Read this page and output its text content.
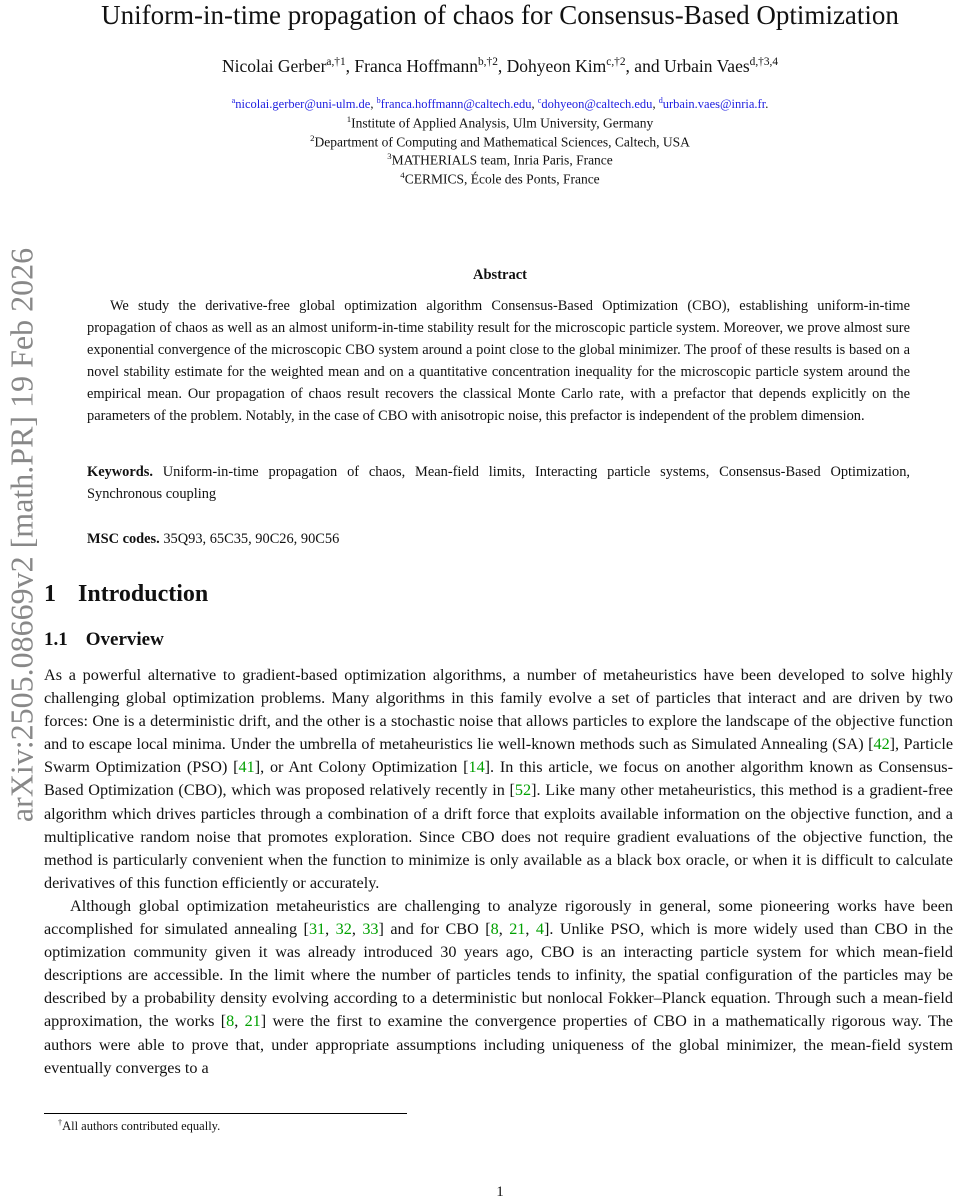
arXiv:2505.08669v2 [math.PR] 19 Feb 2026
Uniform-in-time propagation of chaos for Consensus-Based Optimization
Nicolai Gerber$^{a,\dagger 1}$, Franca Hoffmann$^{b,\dagger 2}$, Dohyeon Kim$^{c,\dagger 2}$, and Urbain Vaes$^{d,\dagger 3,4}$
$^a$nicolai.gerber@uni-ulm.de, $^b$franca.hoffmann@caltech.edu, $^c$dohyeon@caltech.edu, $^d$urbain.vaes@inria.fr.
$^1$Institute of Applied Analysis, Ulm University, Germany
$^2$Department of Computing and Mathematical Sciences, Caltech, USA
$^3$MATHERIALS team, Inria Paris, France
$^4$CERMICS, École des Ponts, France
Abstract
We study the derivative-free global optimization algorithm Consensus-Based Optimization (CBO), establishing uniform-in-time propagation of chaos as well as an almost uniform-in-time stability result for the microscopic particle system. Moreover, we prove almost sure exponential convergence of the microscopic CBO system around a point close to the global minimizer. The proof of these results is based on a novel stability estimate for the weighted mean and on a quantitative concentration inequality for the microscopic particle system around the empirical mean. Our propagation of chaos result recovers the classical Monte Carlo rate, with a prefactor that depends explicitly on the parameters of the problem. Notably, in the case of CBO with anisotropic noise, this prefactor is independent of the problem dimension.
Keywords. Uniform-in-time propagation of chaos, Mean-field limits, Interacting particle systems, Consensus-Based Optimization, Synchronous coupling
MSC codes. 35Q93, 65C35, 90C26, 90C56
1 Introduction
1.1 Overview

As a powerful alternative to gradient-based optimization algorithms, a number of metaheuristics have been developed to solve highly challenging global optimization problems. Many algorithms in this family evolve a set of particles that interact and are driven by two forces: One is a deterministic drift, and the other is a stochastic noise that allows particles to explore the landscape of the objective function and to escape local minima. Under the umbrella of metaheuristics lie well-known methods such as Simulated Annealing (SA) [42], Particle Swarm Optimization (PSO) [41], or Ant Colony Optimization [14]. In this article, we focus on another algorithm known as Consensus-Based Optimization (CBO), which was proposed relatively recently in [52]. Like many other metaheuristics, this method is a gradient-free algorithm which drives particles through a combination of a drift force that exploits available information on the objective function, and a multiplicative random noise that promotes exploration. Since CBO does not require gradient evaluations of the objective function, the method is particularly convenient when the function to minimize is only available as a black box oracle, or when it is difficult to calculate derivatives of this function efficiently or accurately.

Although global optimization metaheuristics are challenging to analyze rigorously in general, some pioneering works have been accomplished for simulated annealing [31, 32, 33] and for CBO [8, 21, 4]. Unlike PSO, which is more widely used than CBO in the optimization community given it was already introduced 30 years ago, CBO is an interacting particle system for which mean-field descriptions are accessible. In the limit where the number of particles tends to infinity, the spatial configuration of the particles may be described by a probability density evolving according to a deterministic but nonlocal Fokker–Planck equation. Through such a mean-field approximation, the works [8, 21] were the first to examine the convergence properties of CBO in a mathematically rigorous way. The authors were able to prove that, under appropriate assumptions including uniqueness of the global minimizer, the mean-field system eventually converges to a

†All authors contributed equally.
1
